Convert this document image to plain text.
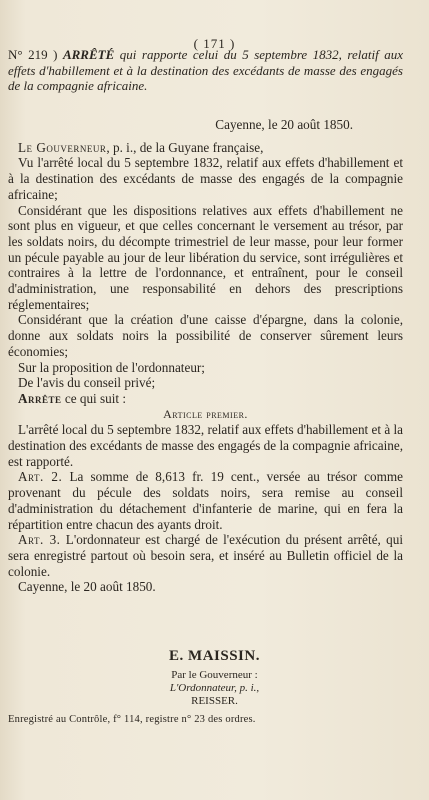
( 171 )
N° 219 ) ARRÊTÉ qui rapporte celui du 5 septembre 1832, relatif aux effets d'habillement et à la destination des excédants de masse des engagés de la compagnie africaine.
Cayenne, le 20 août 1850.

Le Gouverneur, p. i., de la Guyane française,

Vu l'arrêté local du 5 septembre 1832, relatif aux effets d'habillement et à la destination des excédants de masse des engagés de la compagnie africaine;

Considérant que les dispositions relatives aux effets d'habillement ne sont plus en vigueur, et que celles concernant le versement au trésor, par les soldats noirs, du décompte trimestriel de leur masse, pour leur former un pécule payable au jour de leur libération du service, sont irrégulières et contraires à la lettre de l'ordonnance, et entraînent, pour le conseil d'administration, une responsabilité en dehors des prescriptions réglementaires;

Considérant que la création d'une caisse d'épargne, dans la colonie, donne aux soldats noirs la possibilité de conserver sûrement leurs économies;

Sur la proposition de l'ordonnateur;

De l'avis du conseil privé;

Arrête ce qui suit :

Article premier.

L'arrêté local du 5 septembre 1832, relatif aux effets d'habillement et à la destination des excédants de masse des engagés de la compagnie africaine, est rapporté.

Art. 2. La somme de 8,613 fr. 19 cent., versée au trésor comme provenant du pécule des soldats noirs, sera remise au conseil d'administration du détachement d'infanterie de marine, qui en fera la répartition entre chacun des ayants droit.

Art. 3. L'ordonnateur est chargé de l'exécution du présent arrêté, qui sera enregistré partout où besoin sera, et inséré au Bulletin officiel de la colonie.

Cayenne, le 20 août 1850.

E. MAISSIN.
Par le Gouverneur :
L'Ordonnateur, p. i.,
REISSER.
Enregistré au Contrôle, f° 114, registre n° 23 des ordres.
